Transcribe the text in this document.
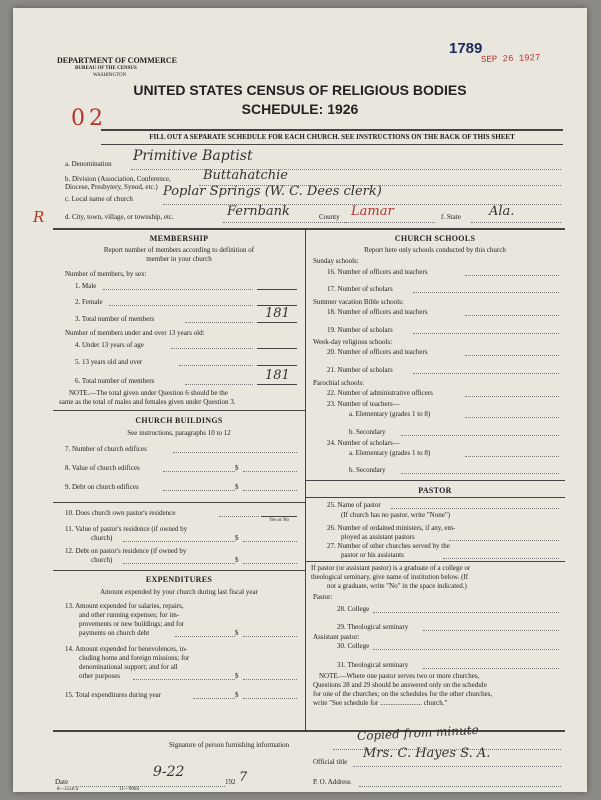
DEPARTMENT OF COMMERCE
BUREAU OF THE CENSUS
WASHINGTON
1789
SEP 26 1927
UNITED STATES CENSUS OF RELIGIOUS BODIES
SCHEDULE: 1926
02
FILL OUT A SEPARATE SCHEDULE FOR EACH CHURCH. SEE INSTRUCTIONS ON THE BACK OF THIS SHEET
a. Denomination Primitive Baptist
b. Division (Association, Conference, Diocese, Presbytery, Synod, etc.)
Buttahatchie
c. Local name of church Poplar Springs (W. C. Dees clerk)
R	d. City, town, village, or township, etc.	Fernbank	County Lamar	f. State Ala.
MEMBERSHIP
Report number of members according to definition of
member in your church
Number of members, by sex:
1. Male
2. Female
3. Total number of members	181
Number of members under and over 13 years old:
4. Under 13 years of age
5. 13 years old and over
6. Total number of members	181
NOTE.—The total given under Question 6 should be the
same as the total of males and females given under Question 3.
CHURCH BUILDINGS
See instructions, paragraphs 10 to 12
7. Number of church edifices
8. Value of church edifices	$
9. Debt on church edifices	$
10. Does church own pastor's residence
Yes or No
11. Value of pastor's residence (if owned by
church)	$
12. Debt on pastor's residence (if owned by
church)	$
EXPENDITURES
Amount expended by your church during last fiscal year
13. Amount expended for salaries, repairs,
and other running expenses; for im-
provements or new buildings; and for
payments on church debt	$
14. Amount expended for benevolences, in-
cluding home and foreign missions; for
denominational support; and for all
other purposes	$
15. Total expenditures during year	$
CHURCH SCHOOLS
Report here only schools conducted by this church
Sunday schools:
16. Number of officers and teachers
17. Number of scholars
Summer vacation Bible schools:
18. Number of officers and teachers
19. Number of scholars
Week-day religious schools:
20. Number of officers and teachers
21. Number of scholars
Parochial schools:
22. Number of administrative officers
23. Number of teachers—
a. Elementary (grades 1 to 8)
b. Secondary
24. Number of scholars—
a. Elementary (grades 1 to 8)
b. Secondary
PASTOR
25. Name of pastor
(If church has no pastor, write "None")
26. Number of ordained ministers, if any, em-
ployed as assistant pastors
27. Number of other churches served by the
pastor or his assistants
If pastor (or assistant pastor) is a graduate of a college or
theological seminary, give name of institution below. (If
not a graduate, write "No" in the space indicated.)
Pastor:
28. College
29. Theological seminary
Assistant pastor:
30. College
31. Theological seminary
NOTE.—Where one pastor serves two or more churches,
Questions 28 and 29 should be answered only on the schedule
for one of the churches; on the schedules for the other churches,
write "See schedule for ........................ church."
Signature of person furnishing information
Copied from minute
Official title
Mrs. C. Hayes S. A.
Date
9-22
192 7	P. O. Address
8—5518 a	11—9064
